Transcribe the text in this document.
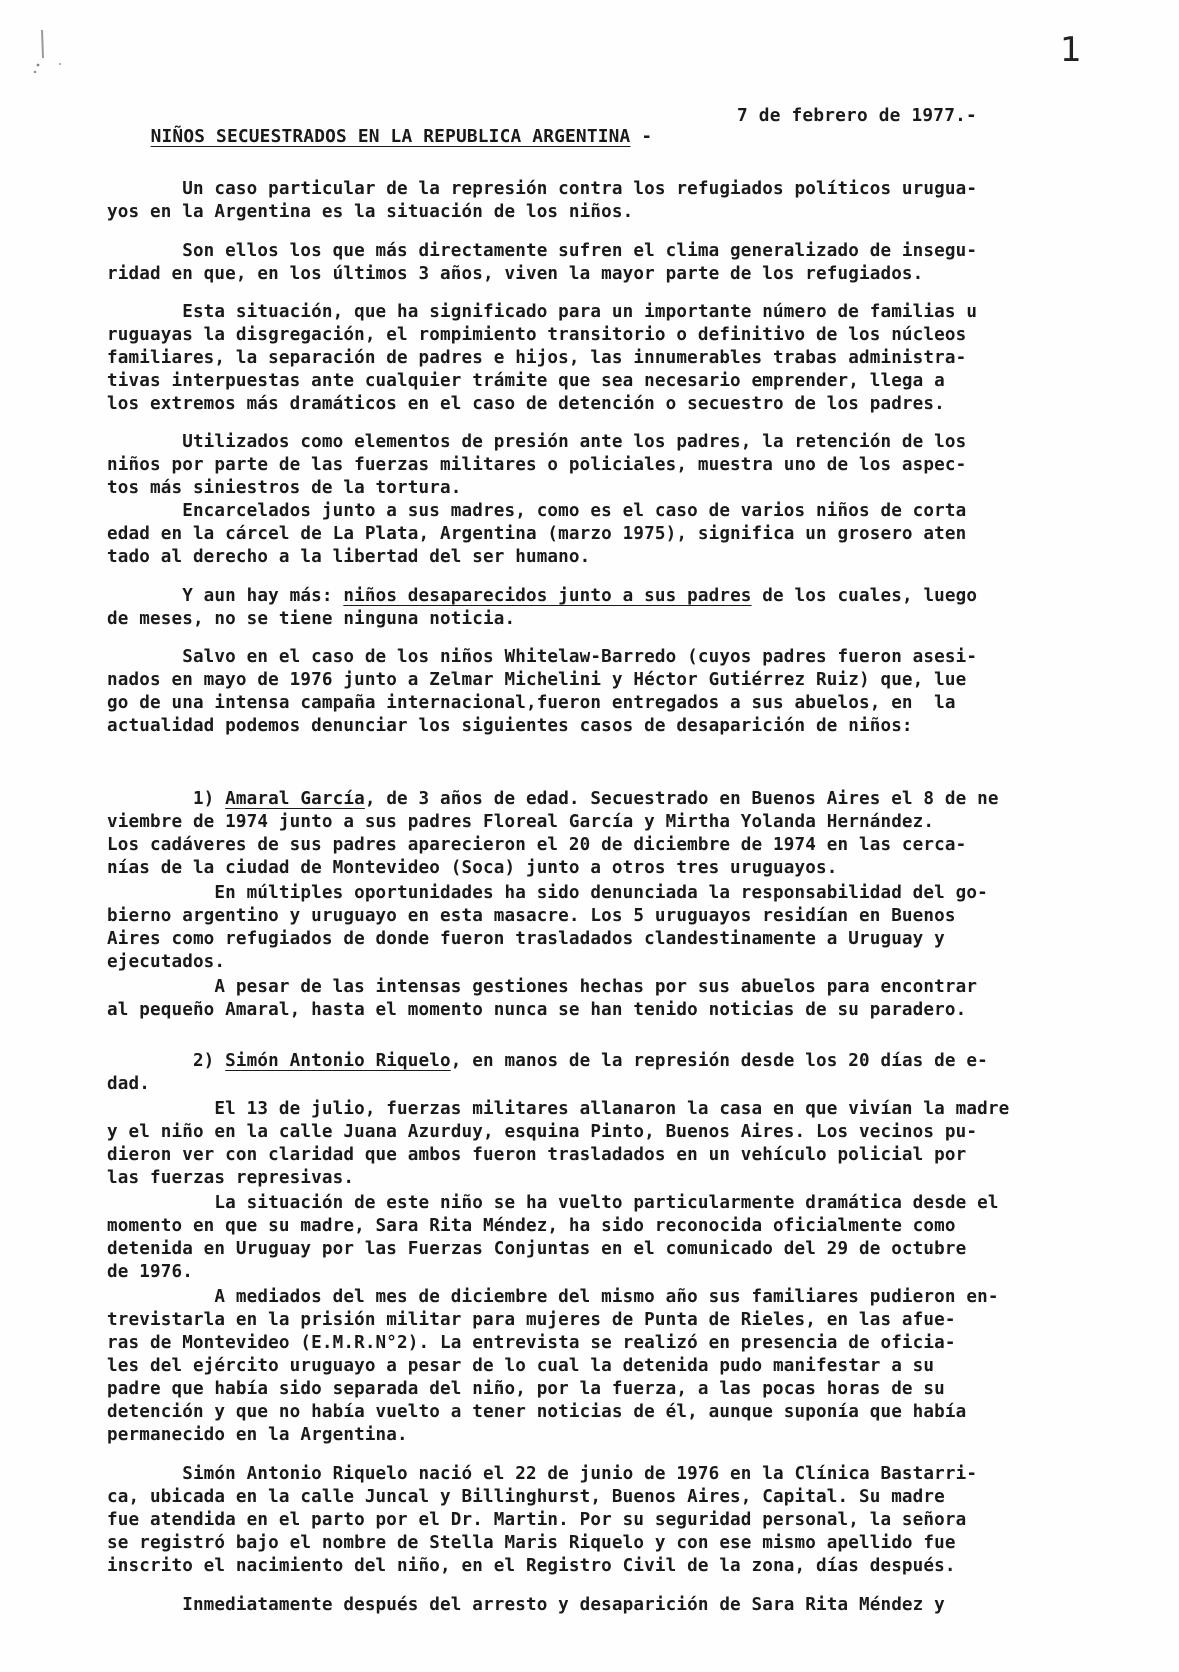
1

NIÑOS SECUESTRADOS EN LA REPUBLICA ARGENTINA -

7 de febrero de 1977.-

Un caso particular de la represión contra los refugiados políticos urugua-
yos en la Argentina es la situación de los niños.
Son ellos los que más directamente sufren el clima generalizado de insegu-
ridad en que, en los últimos 3 años, viven la mayor parte de los refugiados.
Esta situación, que ha significado para un importante número de familias u
ruguayas la disgregación, el rompimiento transitorio o definitivo de los núcleos
familiares, la separación de padres e hijos, las innumerables trabas administra-
tivas interpuestas ante cualquier trámite que sea necesario emprender, llega a
los extremos más dramáticos en el caso de detención o secuestro de los padres.
Utilizados como elementos de presión ante los padres, la retención de los
niños por parte de las fuerzas militares o policiales, muestra uno de los aspec-
tos más siniestros de la tortura.
Encarcelados junto a sus madres, como es el caso de varios niños de corta
edad en la cárcel de La Plata, Argentina (marzo 1975), significa un grosero aten
tado al derecho a la libertad del ser humano.
Y aun hay más: niños desaparecidos junto a sus padres de los cuales, luego
de meses, no se tiene ninguna noticia.
Salvo en el caso de los niños Whitelaw-Barredo (cuyos padres fueron asesi-
nados en mayo de 1976 junto a Zelmar Michelini y Héctor Gutiérrez Ruiz) que, lue
go de una intensa campaña internacional,fueron entregados a sus abuelos, en  la
actualidad podemos denunciar los siguientes casos de desaparición de niños:
1) Amaral García, de 3 años de edad. Secuestrado en Buenos Aires el 8 de ne
viembre de 1974 junto a sus padres Floreal García y Mirtha Yolanda Hernández.
Los cadáveres de sus padres aparecieron el 20 de diciembre de 1974 en las cerca-
nías de la ciudad de Montevideo (Soca) junto a otros tres uruguayos.
En múltiples oportunidades ha sido denunciada la responsabilidad del go-
bierno argentino y uruguayo en esta masacre. Los 5 uruguayos residían en Buenos
Aires como refugiados de donde fueron trasladados clandestinamente a Uruguay y
ejecutados.
A pesar de las intensas gestiones hechas por sus abuelos para encontrar
al pequeño Amaral, hasta el momento nunca se han tenido noticias de su paradero.
2) Simón Antonio Riquelo, en manos de la represión desde los 20 días de e-
dad.
El 13 de julio, fuerzas militares allanaron la casa en que vivían la madre
y el niño en la calle Juana Azurduy, esquina Pinto, Buenos Aires. Los vecinos pu-
dieron ver con claridad que ambos fueron trasladados en un vehículo policial por
las fuerzas represivas.
La situación de este niño se ha vuelto particularmente dramática desde el
momento en que su madre, Sara Rita Méndez, ha sido reconocida oficialmente como
detenida en Uruguay por las Fuerzas Conjuntas en el comunicado del 29 de octubre
de 1976.
A mediados del mes de diciembre del mismo año sus familiares pudieron en-
trevistarla en la prisión militar para mujeres de Punta de Rieles, en las afue-
ras de Montevideo (E.M.R.N°2). La entrevista se realizó en presencia de oficia-
les del ejército uruguayo a pesar de lo cual la detenida pudo manifestar a su
padre que había sido separada del niño, por la fuerza, a las pocas horas de su
detención y que no había vuelto a tener noticias de él, aunque suponía que había
permanecido en la Argentina.
Simón Antonio Riquelo nació el 22 de junio de 1976 en la Clínica Bastarri-
ca, ubicada en la calle Juncal y Billinghurst, Buenos Aires, Capital. Su madre
fue atendida en el parto por el Dr. Martin. Por su seguridad personal, la señora
se registró bajo el nombre de Stella Maris Riquelo y con ese mismo apellido fue
inscrito el nacimiento del niño, en el Registro Civil de la zona, días después.
Inmediatamente después del arresto y desaparición de Sara Rita Méndez y
